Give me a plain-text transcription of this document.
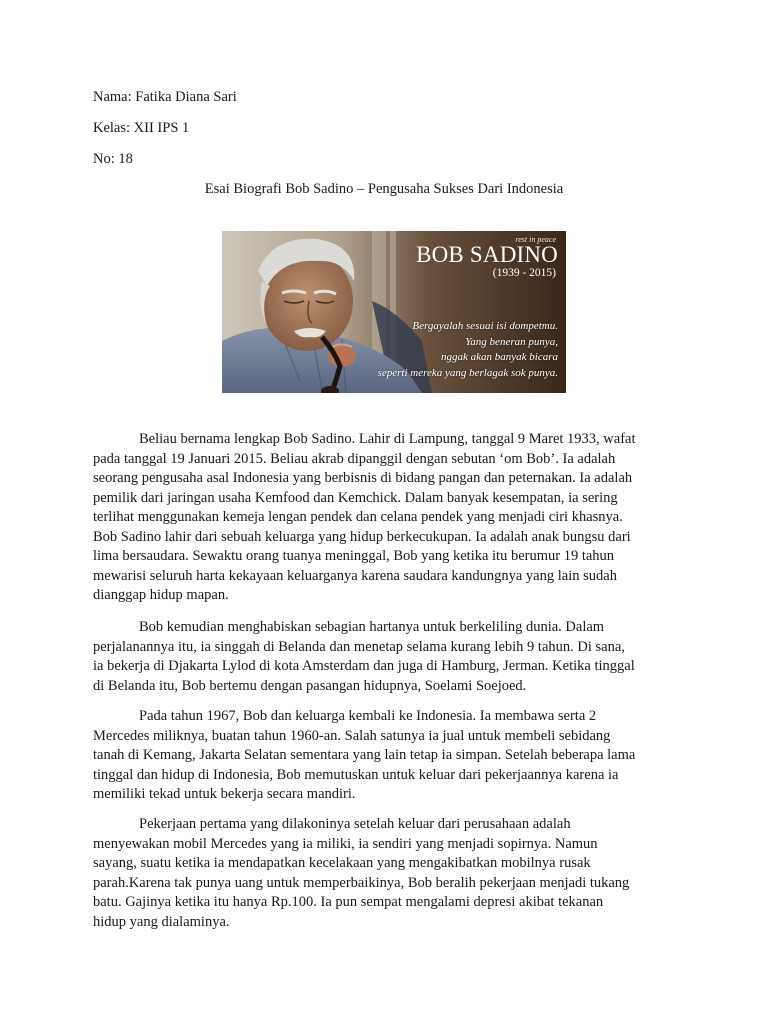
Nama: Fatika Diana Sari
Kelas: XII IPS 1
No: 18
Esai Biografi Bob Sadino – Pengusaha Sukses Dari Indonesia
rest in peace
BOB SADINO
(1939 - 2015)
Bergayalah sesuai isi dompetmu.
Yang beneran punya,
nggak akan banyak bicara
seperti mereka yang berlagak sok punya.
Beliau bernama lengkap Bob Sadino. Lahir di Lampung, tanggal 9 Maret 1933, wafat
pada tanggal 19 Januari 2015. Beliau akrab dipanggil dengan sebutan ‘om Bob’. Ia adalah
seorang pengusaha asal Indonesia yang berbisnis di bidang pangan dan peternakan. Ia adalah
pemilik dari jaringan usaha Kemfood dan Kemchick. Dalam banyak kesempatan, ia sering
terlihat menggunakan kemeja lengan pendek dan celana pendek yang menjadi ciri khasnya.
Bob Sadino lahir dari sebuah keluarga yang hidup berkecukupan. Ia adalah anak bungsu dari
lima bersaudara. Sewaktu orang tuanya meninggal, Bob yang ketika itu berumur 19 tahun
mewarisi seluruh harta kekayaan keluarganya karena saudara kandungnya yang lain sudah
dianggap hidup mapan.
Bob kemudian menghabiskan sebagian hartanya untuk berkeliling dunia. Dalam
perjalanannya itu, ia singgah di Belanda dan menetap selama kurang lebih 9 tahun. Di sana,
ia bekerja di Djakarta Lylod di kota Amsterdam dan juga di Hamburg, Jerman. Ketika tinggal
di Belanda itu, Bob bertemu dengan pasangan hidupnya, Soelami Soejoed.
Pada tahun 1967, Bob dan keluarga kembali ke Indonesia. Ia membawa serta 2
Mercedes miliknya, buatan tahun 1960-an. Salah satunya ia jual untuk membeli sebidang
tanah di Kemang, Jakarta Selatan sementara yang lain tetap ia simpan. Setelah beberapa lama
tinggal dan hidup di Indonesia, Bob memutuskan untuk keluar dari pekerjaannya karena ia
memiliki tekad untuk bekerja secara mandiri.
Pekerjaan pertama yang dilakoninya setelah keluar dari perusahaan adalah
menyewakan mobil Mercedes yang ia miliki, ia sendiri yang menjadi sopirnya. Namun
sayang, suatu ketika ia mendapatkan kecelakaan yang mengakibatkan mobilnya rusak
parah.Karena tak punya uang untuk memperbaikinya, Bob beralih pekerjaan menjadi tukang
batu. Gajinya ketika itu hanya Rp.100. Ia pun sempat mengalami depresi akibat tekanan
hidup yang dialaminya.
